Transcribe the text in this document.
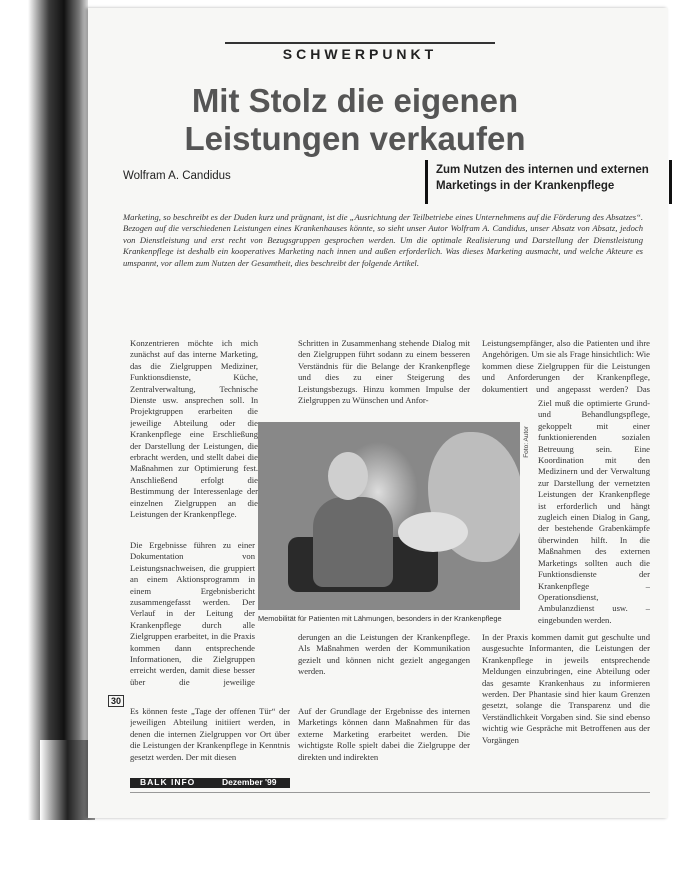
SCHWERPUNKT
Mit Stolz die eigenen
Leistungen verkaufen
Wolfram A. Candidus	Zum Nutzen des internen und externen Marketings in der Krankenpflege
Marketing, so beschreibt es der Duden kurz und prägnant, ist die „Ausrichtung der Teilbetriebe eines Unternehmens auf die Förderung des Absatzes“. Bezogen auf die verschiedenen Leistungen eines Krankenhauses könnte, so sieht unser Autor Wolfram A. Candidus, unser Absatz von Absatz, jedoch von Dienstleistung und erst recht von Bezugsgruppen gesprochen werden. Um die optimale Realisierung und Darstellung der Dienstleistung Krankenpflege ist deshalb ein kooperatives Marketing nach innen und außen erforderlich. Was dieses Marketing ausmacht, und welche Akteure es umspannt, vor allem zum Nutzen der Gesamtheit, dies beschreibt der folgende Artikel.

Konzentrieren möchte ich mich zunächst auf das interne Marketing, das die Zielgruppen Mediziner, Funktionsdienste, Küche, Zentralverwaltung, Technische Dienste usw. ansprechen soll. In Projektgruppen erarbeiten die jeweilige Abteilung oder die Krankenpflege eine Erschließung der Darstellung der Leistungen, die erbracht werden, und stellt dabei die Maßnahmen zur Optimierung fest. Anschließend erfolgt die Bestimmung der Interessenlage der einzelnen Zielgruppen an die Leistungen der Krankenpflege.

Die Ergebnisse führen zu einer Dokumentation von Leistungsnachweisen, die gruppiert an einem Aktionsprogramm in einem Ergebnisbericht zusammengefasst werden. Der Verlauf in der Leitung der Krankenpflege durch alle Zielgruppen erarbeitet, in die Praxis kommen dann entsprechende Informationen, die Zielgruppen erreicht werden, damit diese besser über die jeweilige

Es können feste „Tage der offenen Tür“ der jeweiligen Abteilung initiiert werden, in denen die internen Zielgruppen vor Ort über die Leistungen der Krankenpflege in Kenntnis gesetzt werden. Der mit diesen

Schritten in Zusammenhang stehende Dialog mit den Zielgruppen führt sodann zu einem besseren Verständnis für die Belange der Krankenpflege und dies zu einer Steigerung des Leistungsbezugs. Hinzu kommen Impulse der Zielgruppen zu Wünschen und Anfor-

Leistungsempfänger, also die Patienten und ihre Angehörigen. Um sie als Frage hinsichtlich: Wie kommen diese Zielgruppen für die Leistungen und Anforderungen der Krankenpflege, dokumentiert und angepasst werden? Das

Ziel muß die optimierte Grund- und Behandlungspflege, gekoppelt mit einer funktionierenden sozialen Betreuung sein. Eine Koordination mit den Medizinern und der Verwaltung zur Darstellung der vernetzten Leistungen der Krankenpflege ist erforderlich und hängt zugleich einen Dialog in Gang, der bestehende Grabenkämpfe überwinden hilft. In die Maßnahmen des externen Marketings sollten auch die Funktionsdienste der Krankenpflege – Operationsdienst, Ambulanzdienst usw. – eingebunden werden.

Foto: Autor
Memobilität für Patienten mit Lähmungen, besonders in der Krankenpflege

derungen an die Leistungen der Krankenpflege. Als Maßnahmen werden der Kommunikation gezielt und können nicht gezielt angegangen werden.

Auf der Grundlage der Ergebnisse des internen Marketings können dann Maßnahmen für das externe Marketing erarbeitet werden. Die wichtigste Rolle spielt dabei die Zielgruppe der direkten und indirekten

In der Praxis kommen damit gut geschulte und ausgesuchte Informanten, die Leistungen der Krankenpflege in jeweils entsprechende Meldungen einzubringen, eine Abteilung oder das gesamte Krankenhaus zu informieren werden. Der Phantasie sind hier kaum Grenzen gesetzt, solange die Transparenz und die Verständlichkeit Vorgaben sind. Sie sind ebenso wichtig wie Gespräche mit Betroffenen aus der Vorgängen

30
BALK INFO	Dezember '99
